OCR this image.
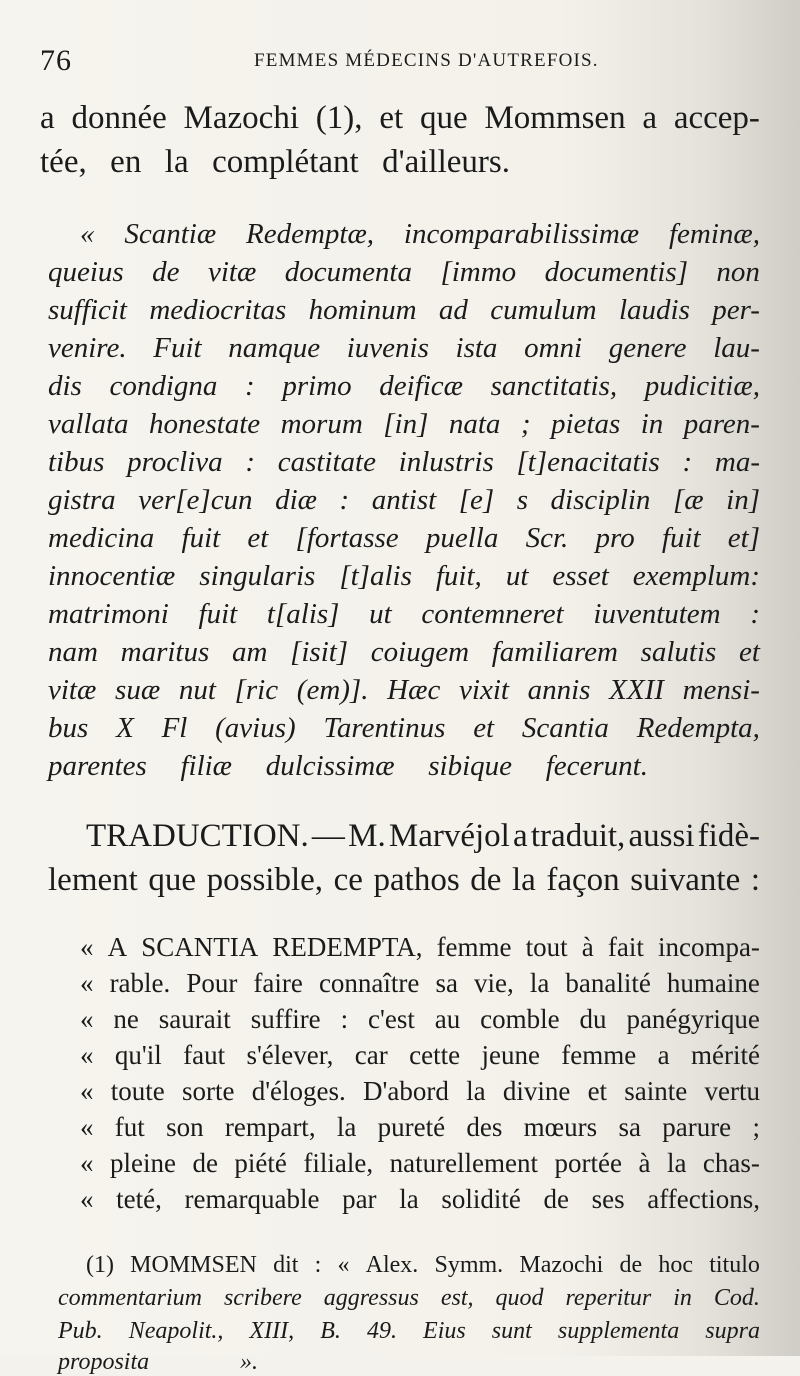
76	FEMMES MÉDECINS D'AUTREFOIS.
a donnée Mazochi (1), et que Mommsen a accep-
tée, en la complétant d'ailleurs.
« Scantiæ Redemptæ, incomparabilissimæ feminæ,
queius de vitæ documenta [immo documentis] non
sufficit mediocritas hominum ad cumulum laudis per-
venire. Fuit namque iuvenis ista omni genere lau-
dis condigna : primo deificæ sanctitatis, pudicitiæ,
vallata honestate morum [in] nata ; pietas in paren-
tibus procliva : castitate inlustris [t]enacitatis : ma-
gistra ver[e]cun diæ : antist [e] s disciplin [æ in]
medicina fuit et [fortasse puella Scr. pro fuit et]
innocentiæ singularis [t]alis fuit, ut esset exemplum:
matrimoni fuit t[alis] ut contemneret iuventutem :
nam maritus am [isit] coiugem familiarem salutis et
vitæ suæ nut [ric (em)]. Hæc vixit annis XXII mensi-
bus X Fl (avius) Tarentinus et Scantia Redempta,
parentes filiæ dulcissimæ sibique fecerunt.
TRADUCTION. — M. Marvéjol a traduit, aussi fidè-
lement que possible, ce pathos de la façon suivante :
« A SCANTIA REDEMPTA, femme tout à fait incompa-
« rable. Pour faire connaître sa vie, la banalité humaine
« ne saurait suffire : c'est au comble du panégyrique
« qu'il faut s'élever, car cette jeune femme a mérité
« toute sorte d'éloges. D'abord la divine et sainte vertu
« fut son rempart, la pureté des mœurs sa parure ;
« pleine de piété filiale, naturellement portée à la chas-
« teté, remarquable par la solidité de ses affections,
(1) MOMMSEN dit : « Alex. Symm. Mazochi de hoc titulo
commentarium scribere aggressus est, quod reperitur in Cod.
Pub. Neapolit., XIII, B. 49. Eius sunt supplementa supra
proposita	».
